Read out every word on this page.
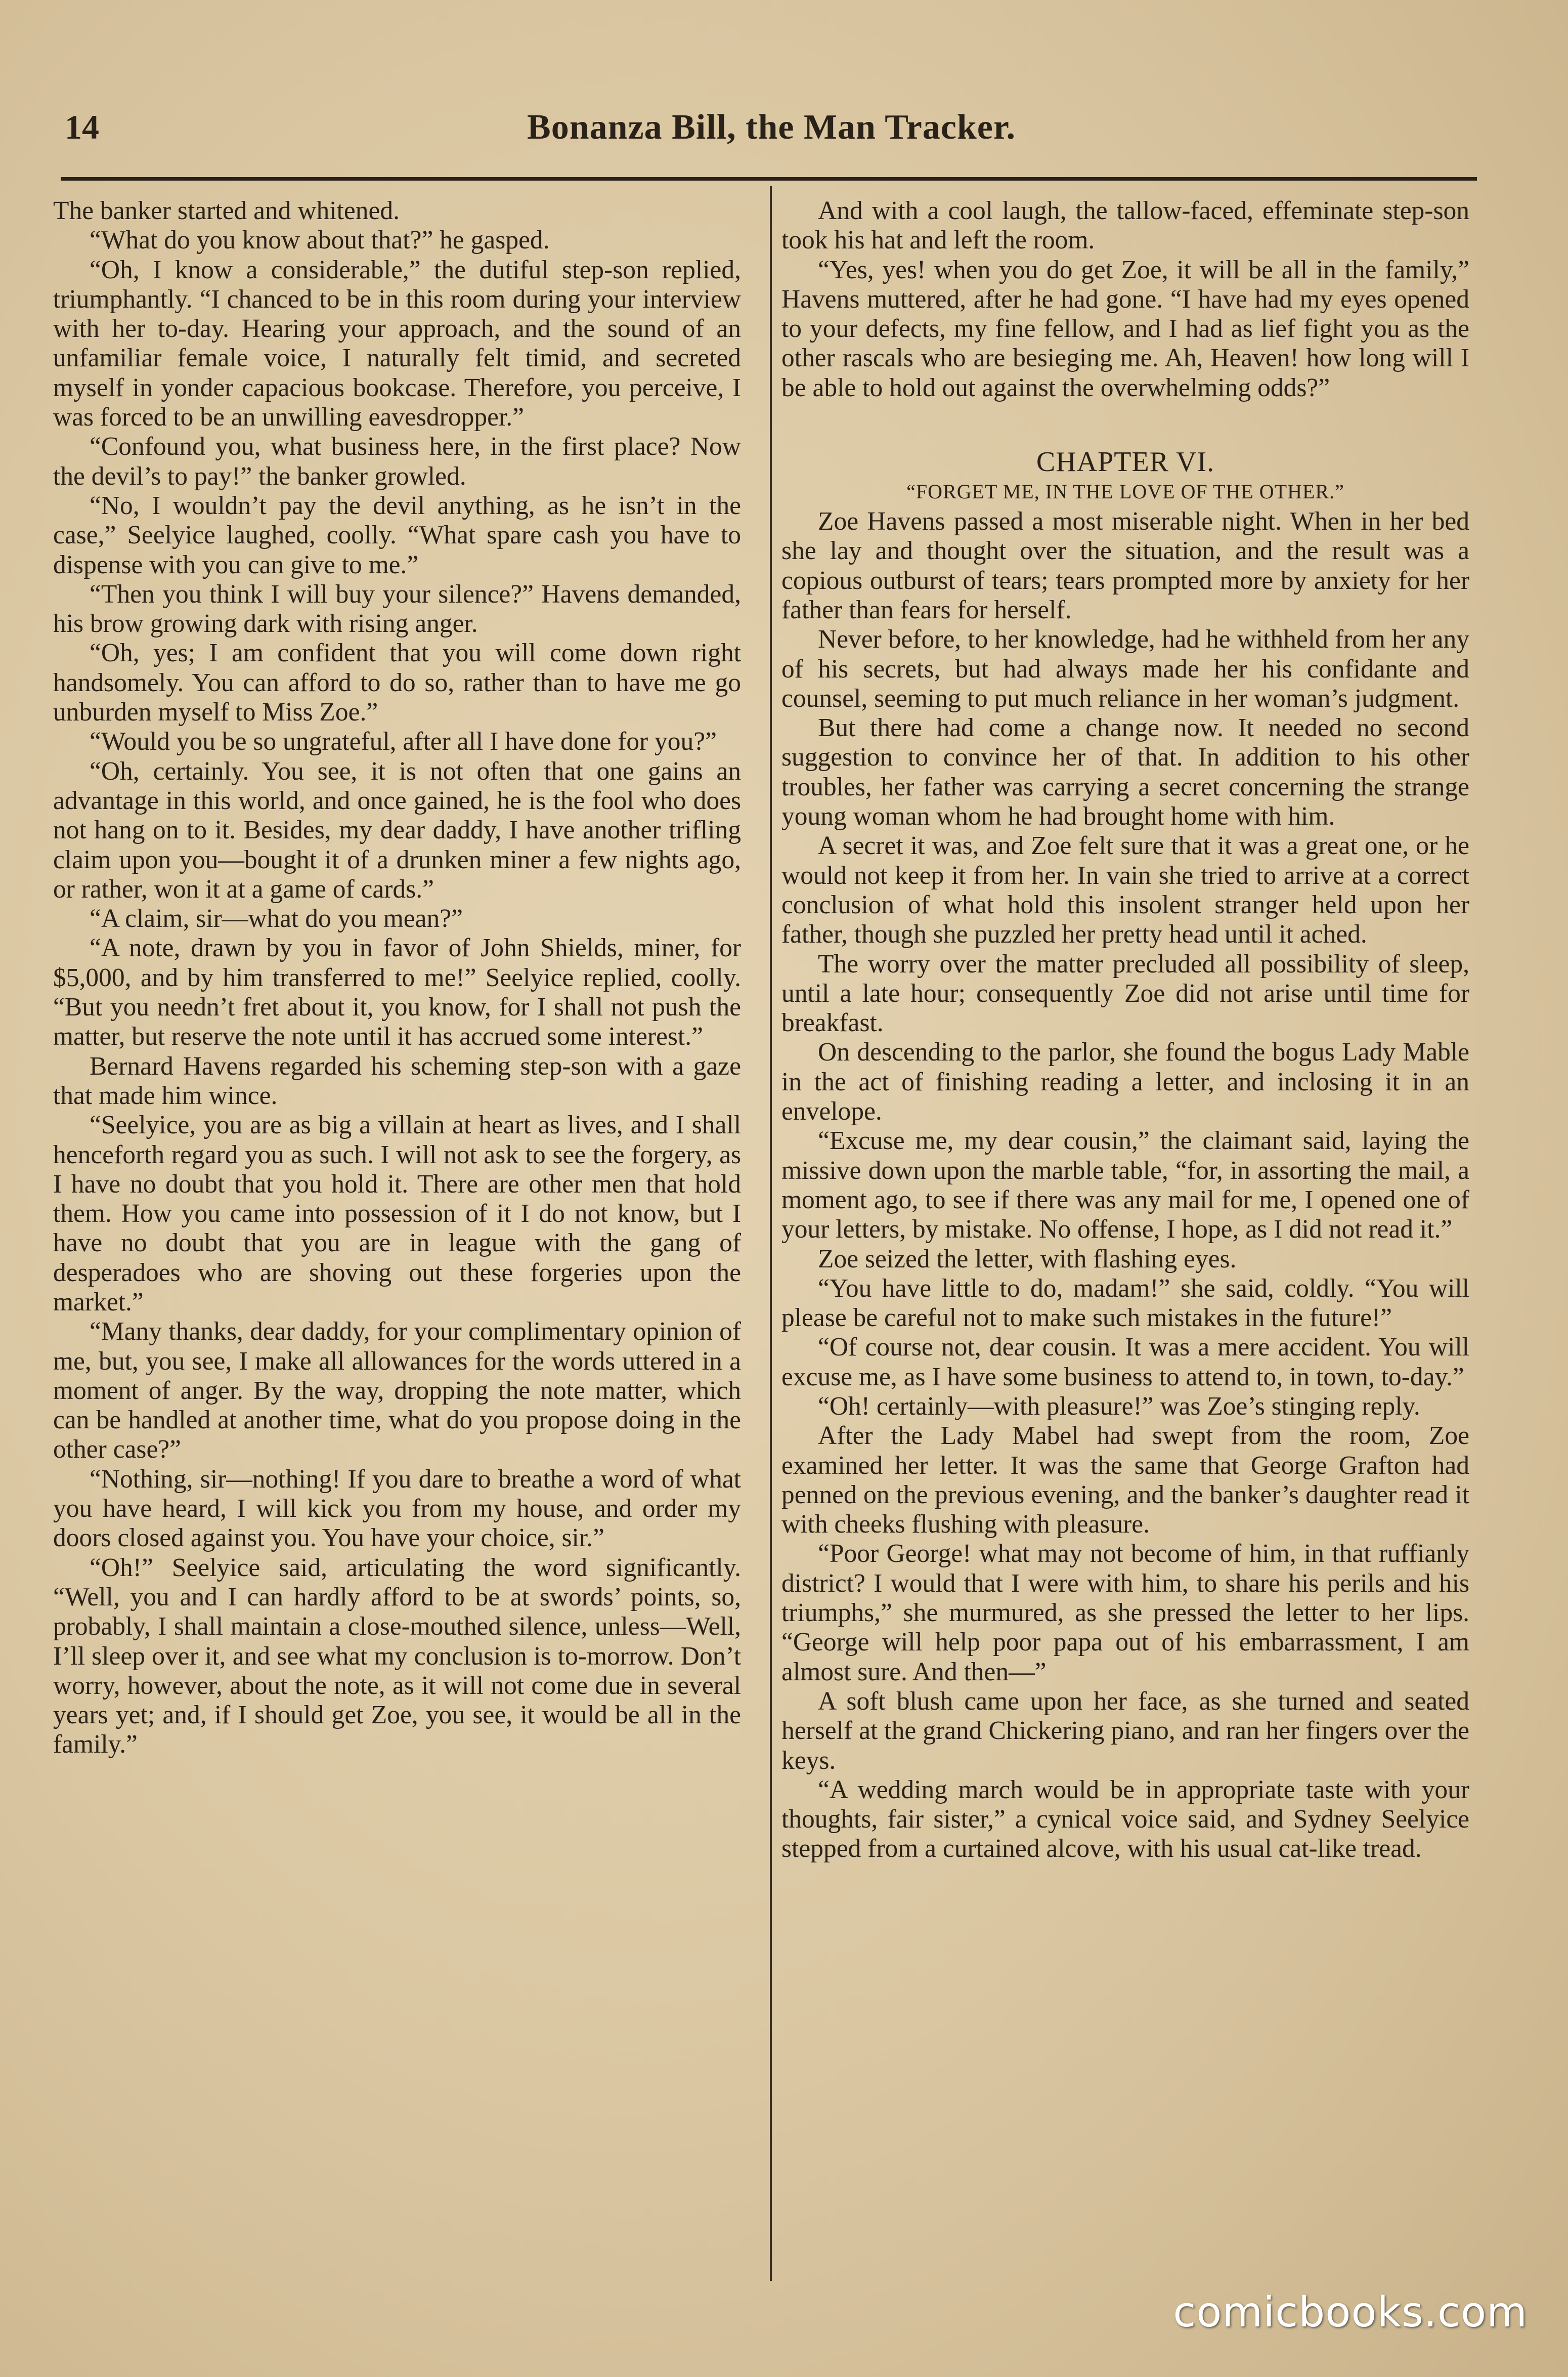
14	Bonanza Bill, the Man Tracker.

The banker started and whitened.

“What do you know about that?” he gasped.

“Oh, I know a considerable,” the dutiful step-son replied, triumphantly. “I chanced to be in this room during your interview with her to-day. Hearing your approach, and the sound of an unfamiliar female voice, I naturally felt timid, and secreted myself in yonder capacious bookcase. Therefore, you perceive, I was forced to be an unwilling eavesdropper.”

“Confound you, what business here, in the first place? Now the devil’s to pay!” the banker growled.

“No, I wouldn’t pay the devil anything, as he isn’t in the case,” Seelyice laughed, coolly. “What spare cash you have to dispense with you can give to me.”

“Then you think I will buy your silence?” Havens demanded, his brow growing dark with rising anger.

“Oh, yes; I am confident that you will come down right handsomely. You can afford to do so, rather than to have me go unburden myself to Miss Zoe.”

“Would you be so ungrateful, after all I have done for you?”

“Oh, certainly. You see, it is not often that one gains an advantage in this world, and once gained, he is the fool who does not hang on to it. Besides, my dear daddy, I have another trifling claim upon you—bought it of a drunken miner a few nights ago, or rather, won it at a game of cards.”

“A claim, sir—what do you mean?”

“A note, drawn by you in favor of John Shields, miner, for $5,000, and by him transferred to me!” Seelyice replied, coolly. “But you needn’t fret about it, you know, for I shall not push the matter, but reserve the note until it has accrued some interest.”

Bernard Havens regarded his scheming step-son with a gaze that made him wince.

“Seelyice, you are as big a villain at heart as lives, and I shall henceforth regard you as such. I will not ask to see the forgery, as I have no doubt that you hold it. There are other men that hold them. How you came into possession of it I do not know, but I have no doubt that you are in league with the gang of desperadoes who are shoving out these forgeries upon the market.”

“Many thanks, dear daddy, for your complimentary opinion of me, but, you see, I make all allowances for the words uttered in a moment of anger. By the way, dropping the note matter, which can be handled at another time, what do you propose doing in the other case?”

“Nothing, sir—nothing! If you dare to breathe a word of what you have heard, I will kick you from my house, and order my doors closed against you. You have your choice, sir.”

“Oh!” Seelyice said, articulating the word significantly. “Well, you and I can hardly afford to be at swords’ points, so, probably, I shall maintain a close-mouthed silence, unless—Well, I’ll sleep over it, and see what my conclusion is to-morrow. Don’t worry, however, about the note, as it will not come due in several years yet; and, if I should get Zoe, you see, it would be all in the family.”

And with a cool laugh, the tallow-faced, effeminate step-son took his hat and left the room.

“Yes, yes! when you do get Zoe, it will be all in the family,” Havens muttered, after he had gone. “I have had my eyes opened to your defects, my fine fellow, and I had as lief fight you as the other rascals who are besieging me. Ah, Heaven! how long will I be able to hold out against the overwhelming odds?”

CHAPTER VI.
“FORGET ME, IN THE LOVE OF THE OTHER.”

Zoe Havens passed a most miserable night. When in her bed she lay and thought over the situation, and the result was a copious outburst of tears; tears prompted more by anxiety for her father than fears for herself.

Never before, to her knowledge, had he withheld from her any of his secrets, but had always made her his confidante and counsel, seeming to put much reliance in her woman’s judgment.

But there had come a change now. It needed no second suggestion to convince her of that. In addition to his other troubles, her father was carrying a secret concerning the strange young woman whom he had brought home with him.

A secret it was, and Zoe felt sure that it was a great one, or he would not keep it from her. In vain she tried to arrive at a correct conclusion of what hold this insolent stranger held upon her father, though she puzzled her pretty head until it ached.

The worry over the matter precluded all possibility of sleep, until a late hour; consequently Zoe did not arise until time for breakfast.

On descending to the parlor, she found the bogus Lady Mable in the act of finishing reading a letter, and inclosing it in an envelope.

“Excuse me, my dear cousin,” the claimant said, laying the missive down upon the marble table, “for, in assorting the mail, a moment ago, to see if there was any mail for me, I opened one of your letters, by mistake. No offense, I hope, as I did not read it.”

Zoe seized the letter, with flashing eyes.

“You have little to do, madam!” she said, coldly. “You will please be careful not to make such mistakes in the future!”

“Of course not, dear cousin. It was a mere accident. You will excuse me, as I have some business to attend to, in town, to-day.”

“Oh! certainly—with pleasure!” was Zoe’s stinging reply.

After the Lady Mabel had swept from the room, Zoe examined her letter. It was the same that George Grafton had penned on the previous evening, and the banker’s daughter read it with cheeks flushing with pleasure.

“Poor George! what may not become of him, in that ruffianly district? I would that I were with him, to share his perils and his triumphs,” she murmured, as she pressed the letter to her lips. “George will help poor papa out of his embarrassment, I am almost sure. And then—”

A soft blush came upon her face, as she turned and seated herself at the grand Chickering piano, and ran her fingers over the keys.

“A wedding march would be in appropriate taste with your thoughts, fair sister,” a cynical voice said, and Sydney Seelyice stepped from a curtained alcove, with his usual cat-like tread.

comicbooks.com
